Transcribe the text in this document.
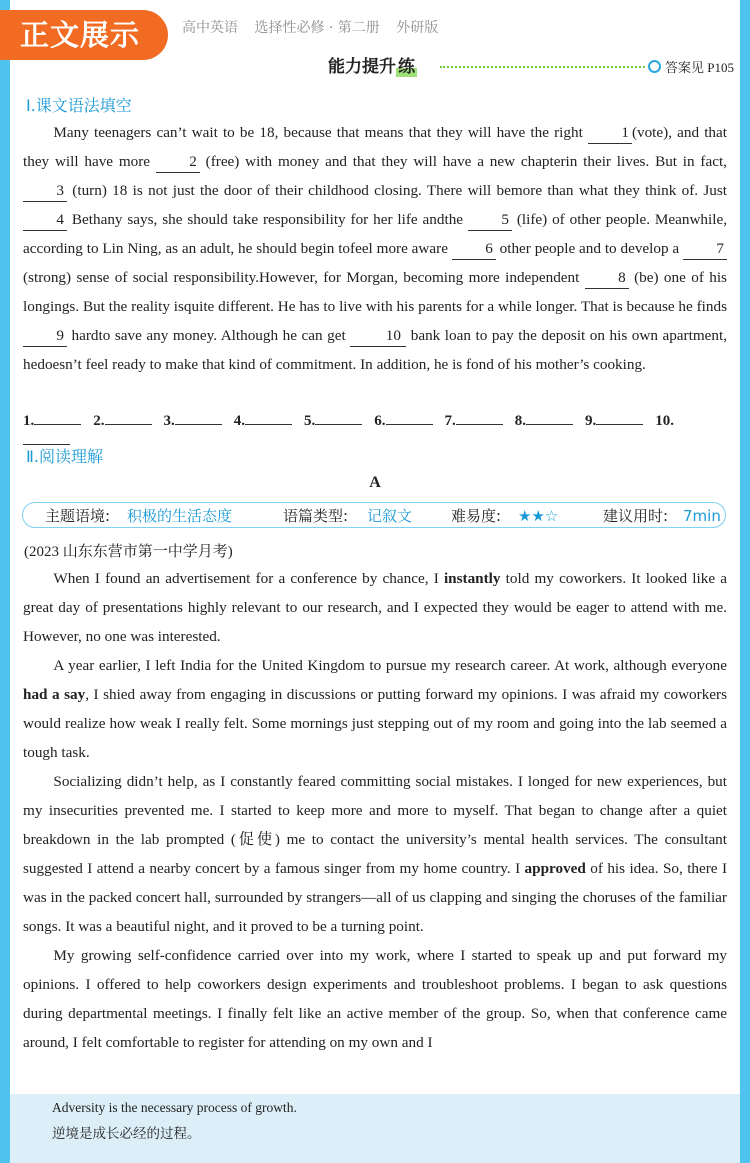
正文展示	高中英语 选择性必修 · 第二册 外研版
能力提升 练	答案见 P105
Ⅰ.课文语法填空

Many teenagers can’t wait to be 18, because that means that they will have the right 1 (vote), and that they will have more 2 (free) with money and that they will have a new chapterin their lives. But in fact, 3 (turn) 18 is not just the door of their childhood closing. There will bemore than what they think of. Just 4 Bethany says, she should take responsibility for her life andthe 5 (life) of other people. Meanwhile, according to Lin Ning, as an adult, he should begin tofeel more aware 6 other people and to develop a 7 (strong) sense of social responsibility.However, for Morgan, becoming more independent 8 (be) one of his longings. But the reality isquite different. He has to live with his parents for a while longer. That is because he finds 9 hardto save any money. Although he can get 10 bank loan to pay the deposit on his own apartment, hedoesn’t feel ready to make that kind of commitment. In addition, he is fond of his mother’s cooking.

1.	2.	3.	4.	5.	6.	7.	8.	9.	10.
Ⅱ.阅读理解
A
主题语境: 积极的生活态度	语篇类型: 记叙文	难易度: ★★☆	建议用时: 7min
(2023 山东东营市第一中学月考)

When I found an advertisement for a conference by chance, I instantly told my coworkers. It looked like a great day of presentations highly relevant to our research, and I expected they would be eager to attend with me. However, no one was interested.

A year earlier, I left India for the United Kingdom to pursue my research career. At work, although everyone had a say, I shied away from engaging in discussions or putting forward my opinions. I was afraid my coworkers would realize how weak I really felt. Some mornings just stepping out of my room and going into the lab seemed a tough task.

Socializing didn’t help, as I constantly feared committing social mistakes. I longed for new experiences, but my insecurities prevented me. I started to keep more and more to myself. That began to change after a quiet breakdown in the lab prompted (促使) me to contact the university’s mental health services. The consultant suggested I attend a nearby concert by a famous singer from my home country. I approved of his idea. So, there I was in the packed concert hall, surrounded by strangers—all of us clapping and singing the choruses of the familiar songs. It was a beautiful night, and it proved to be a turning point.

My growing self-confidence carried over into my work, where I started to speak up and put forward my opinions. I offered to help coworkers design experiments and troubleshoot problems. I began to ask questions during departmental meetings. I finally felt like an active member of the group. So, when that conference came around, I felt comfortable to register for attending on my own and I

Adversity is the necessary process of growth.
逆境是成长必经的过程。
